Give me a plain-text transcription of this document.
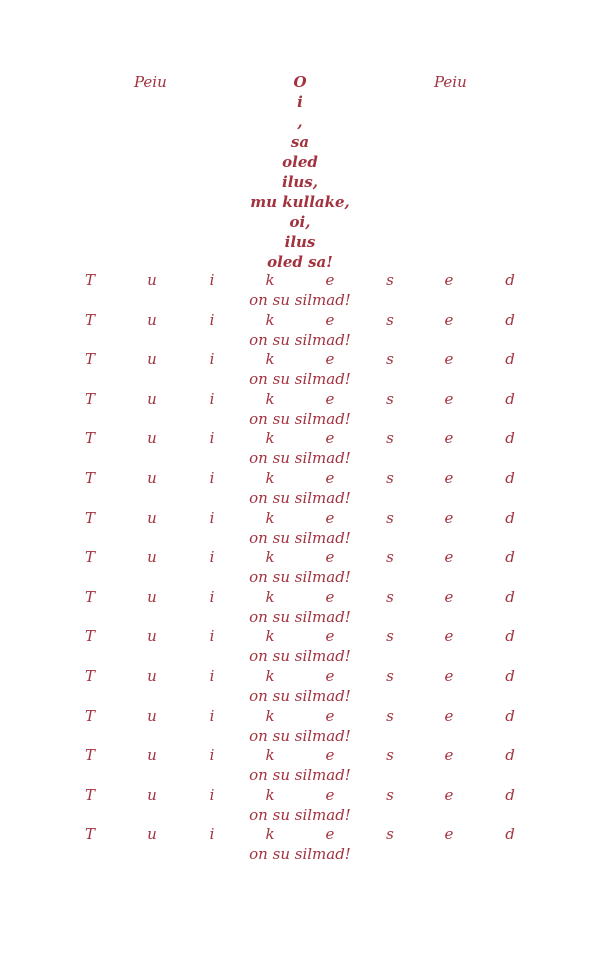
Peiu	Peiu
O
i
,
sa
oled
ilus,
mu kullake,
oi,
ilus
oled sa!
T	u	i	k	e	s	e	d
on su silmad!
T	u	i	k	e	s	e	d
on su silmad!
T	u	i	k	e	s	e	d
on su silmad!
T	u	i	k	e	s	e	d
on su silmad!
T	u	i	k	e	s	e	d
on su silmad!
T	u	i	k	e	s	e	d
on su silmad!
T	u	i	k	e	s	e	d
on su silmad!
T	u	i	k	e	s	e	d
on su silmad!
T	u	i	k	e	s	e	d
on su silmad!
T	u	i	k	e	s	e	d
on su silmad!
T	u	i	k	e	s	e	d
on su silmad!
T	u	i	k	e	s	e	d
on su silmad!
T	u	i	k	e	s	e	d
on su silmad!
T	u	i	k	e	s	e	d
on su silmad!
T	u	i	k	e	s	e	d
on su silmad!
